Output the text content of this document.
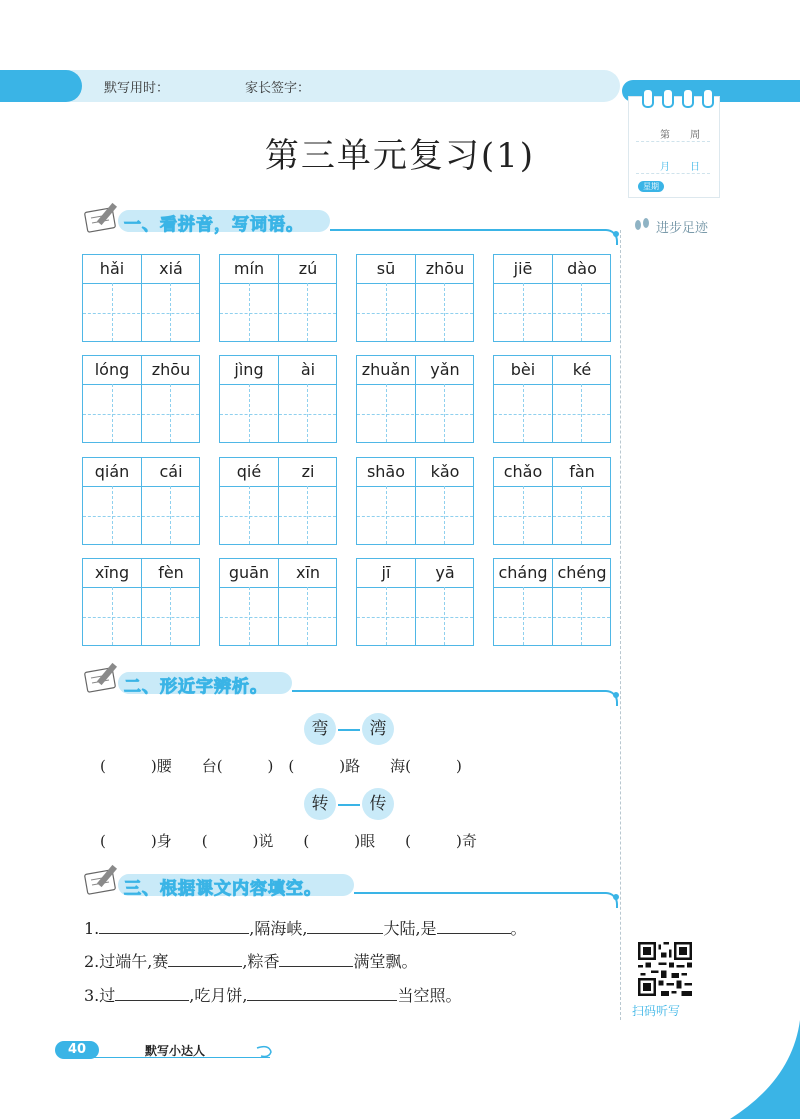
默写用时：	家长签字：
第　　周
月　　日
星期
进步足迹
第三单元复习(1)
一、看拼音，写词语。
hǎi	xiá	mín	zú	sū	zhōu	jiē	dào
lóng	zhōu	jìng	ài	zhuǎn	yǎn	bèi	ké
qián	cái	qié	zi	shāo	kǎo	chǎo	fàn
xīng	fèn	guān	xīn	jī	yā	cháng chéng
二、形近字辨析。
弯 湾
(　　　)腰　　台(　　　)　(　　　)路　　海(　　　)
转 传
(　　　)身　　(　　　)说　　(　　　)眼　　(　　　)奇
三、根据课文内容填空。
1.	,隔海峡,	大陆,是	。
2.过端午,赛	,粽香	满堂飘。
3.过	,吃月饼,	当空照。
扫码听写
40	默写小达人
